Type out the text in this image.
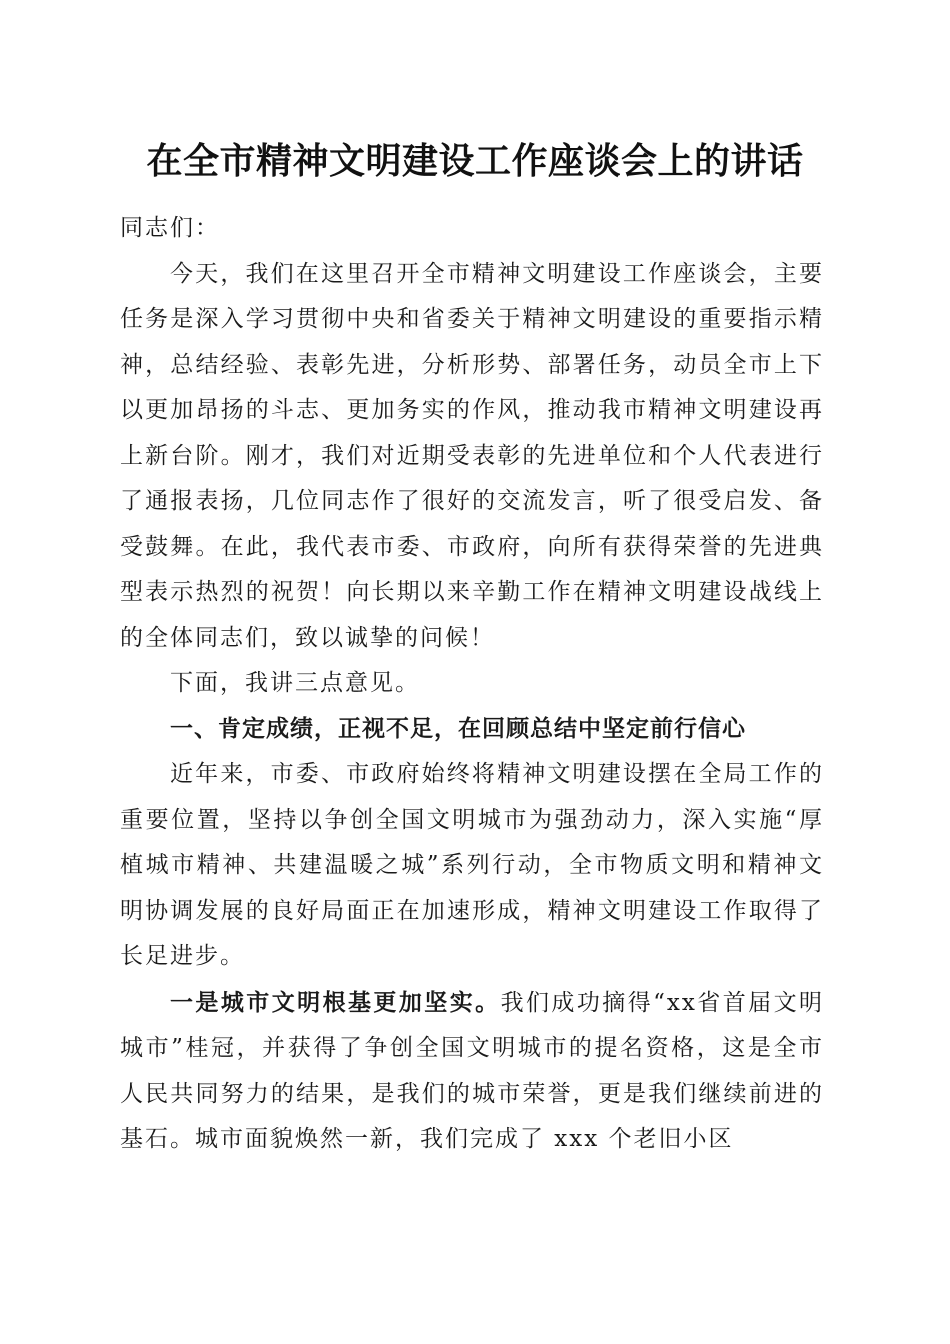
在全市精神文明建设工作座谈会上的讲话

同志们：

今天，我们在这里召开全市精神文明建设工作座谈会，主要任务是深入学习贯彻中央和省委关于精神文明建设的重要指示精神，总结经验、表彰先进，分析形势、部署任务，动员全市上下以更加昂扬的斗志、更加务实的作风，推动我市精神文明建设再上新台阶。刚才，我们对近期受表彰的先进单位和个人代表进行了通报表扬，几位同志作了很好的交流发言，听了很受启发、备受鼓舞。在此，我代表市委、市政府，向所有获得荣誉的先进典型表示热烈的祝贺！向长期以来辛勤工作在精神文明建设战线上的全体同志们，致以诚挚的问候！

下面，我讲三点意见。

一、肯定成绩，正视不足，在回顾总结中坚定前行信心

近年来，市委、市政府始终将精神文明建设摆在全局工作的重要位置，坚持以争创全国文明城市为强劲动力，深入实施“厚植城市精神、共建温暖之城”系列行动，全市物质文明和精神文明协调发展的良好局面正在加速形成，精神文明建设工作取得了长足进步。

一是城市文明根基更加坚实。我们成功摘得“xx省首届文明城市”桂冠，并获得了争创全国文明城市的提名资格，这是全市人民共同努力的结果，是我们的城市荣誉，更是我们继续前进的基石。城市面貌焕然一新，我们完成了 xxx 个老旧小区
